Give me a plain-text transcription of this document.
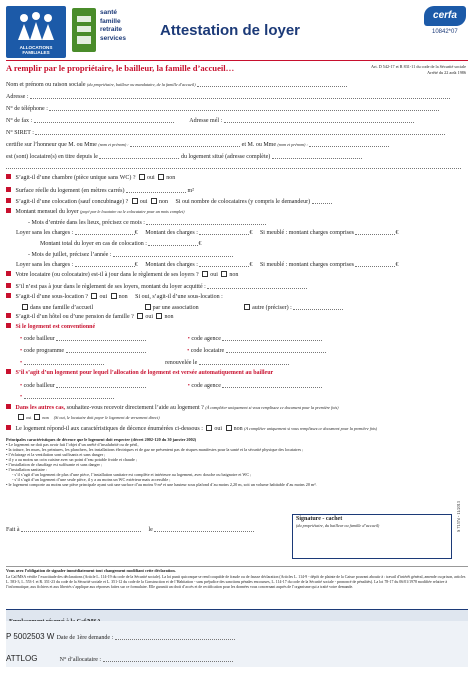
ALLOCATIONS FAMILIALES
santé
famille
retraite
services Attestation de loyer
cerfa
10842*07
A remplir par le propriétaire, le bailleur, la famille d’accueil…	Art. D 542-17 et R 831-11 du code de la Sécurité sociale
Arrêté du 22 août 1986
Nom et prénom ou raison sociale (du propriétaire, bailleur ou mandataire, de la famille d’accueil)
Adresse :
N° de téléphone :
N° de fax :	Adresse mél :
N° SIRET :
certifie sur l’honneur que M. ou Mme (nom et prénom) :	et M. ou Mme (nom et prénom) :
est (sont) locataire(s) en titre depuis le	du logement situé (adresse complète)
S’agit-il d’une chambre (pièce unique sans WC) ? oui non
Surface réelle du logement (en mètres carrés)	m²
S’agit-il d’une colocation (sauf concubinage) ? oui non Si oui nombre de colocataires (y compris le demandeur)
Montant mensuel du loyer (payé par le locataire ou le colocataire pour un mois complet)
- Mois d’entrée dans les lieux, précisez ce mois :
Loyer sans les charges :	€ Montant des charges :	€ Si meublé : montant charges comprises	€
Montant total du loyer en cas de colocation :	€
- Mois de juillet, précisez l’année :
Loyer sans les charges :	€ Montant des charges :	€ Si meublé : montant charges comprises	€
Votre locataire (ou colocataire) est-il à jour dans le règlement de ses loyers ? oui non
S’il n’est pas à jour dans le règlement de ses loyers, montant du loyer acquitté :
S’agit-il d’une sous-location ? oui non Si oui, s’agit-il d’une sous-location :
dans une famille d’accueil	par une association	autre (préciser) :
S’agit-il d’un hôtel ou d’une pension de famille ? oui non
Si le logement est conventionné
• code bailleur	• code agence
• code programme	• code locataire
•	renouvelée le
S’il s’agit d’un logement pour lequel l’allocation de logement est versée automatiquement au bailleur
• code bailleur	• code agence
•
Dans les autres cas, souhaitez-vous recevoir directement l’aide au logement ? (À compléter uniquement si vous remplissez ce document pour la première fois)
oui	non (Si oui, le locataire doit payer le logement de versement direct)
Le logement répond-il aux caractéristiques de décence énumérées ci-dessous : oui non (A compléter uniquement si vous remplissez ce document pour la première fois)
Principales caractéristiques de décence que le logement doit respecter (décret 2002-120 du 30 janvier 2002)
• Le logement ne doit pas avoir fait l’objet d’un arrêté d’insalubrité ou de péril,
• la toiture, les murs, les peintures, les planchers, les installations électriques et de gaz ne présentent pas de risques manifestes pour la santé et la sécurité physique des locataires ;
• l’éclairage et la ventilation sont suffisants et sans danger ;
• il y a au moins un coin cuisine avec un point d’eau potable froide et chaude ;
• l’installation de chauffage est suffisante et sans danger ;
• l’installation sanitaire :
- s’il s’agit d’un logement de plus d’une pièce, l’installation sanitaire est complète et intérieure au logement, avec douche ou baignoire et WC ;
- s’il s’agit d’un logement d’une seule pièce, il y a au moins un WC extérieur mais accessible ;
• le logement comporte au moins une pièce principale ayant soit une surface d’au moins 9 m² et une hauteur sous plafond d’au moins 2,20 m, soit un volume habitable d’au moins 20 m³.
Fait à	le
Signature - cachet
(du propriétaire, du bailleur ou famille d’accueil)	S 7157d - 11/2013
Vous avez l’obligation de signaler immédiatement tout changement modifiant cette déclaration.
La Caf/MSA vérifie l’exactitude des déclarations (Article L. 114-19 du code de la Sécurité sociale). La loi punit quiconque se rend coupable de fraude ou de fausse déclaration (Articles L. 114-9 - dépôt de plainte de la Caisse pouvant aboutir à : travail d’intérêt général, amende ou prison, articles L. 583-3, L. 553-1 et R. 351-23 du code de la Sécurité sociale et L. 351-12 du code de la Construction et de l’Habitation - sans préjudice des sanctions pénales encourues, L. 114-17 du code de la Sécurité sociale - prononcé de pénalités). La loi 78-17 du 06/01/1978 modifiée relative à l’informatique, aux fichiers et aux libertés s’applique aux réponses faites sur ce formulaire. Elle garantit un droit d’accès et de rectification pour les données vous concernant auprès de l’organisme qui a traité votre demande.
P 5002503 W Date de 1ère demande :
ATTLOG	N° d’allocataire :
